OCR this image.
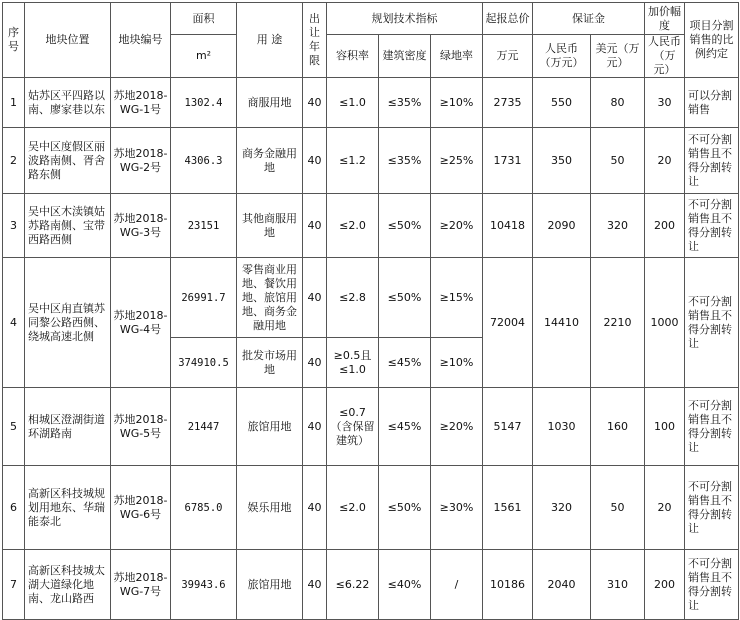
序号	地块位置	地块编号	面积	用 途	出让年限	规划技术指标			起报总价	保证金		加价幅度	项目分割销售的比例约定
			m²			容积率	建筑密度	绿地率	万元	人民币（万元）	美元（万元）	人民币（万元）	
1	姑苏区平四路以南、廖家巷以东	苏地2018-WG-1号	1302.4	商服用地	40	≤1.0	≤35%	≥10%	2735	550	80	30	可以分割销售
2	吴中区度假区丽波路南侧、胥舍路东侧	苏地2018-WG-2号	4306.3	商务金融用地	40	≤1.2	≤35%	≥25%	1731	350	50	20	不可分割销售且不得分割转让
3	吴中区木渎镇姑苏路南侧、宝带西路西侧	苏地2018-WG-3号	23151	其他商服用地	40	≤2.0	≤50%	≥20%	10418	2090	320	200	不可分割销售且不得分割转让
4	吴中区甪直镇苏同黎公路西侧、绕城高速北侧	苏地2018-WG-4号	26991.7	零售商业用地、餐饮用地、旅馆用地、商务金融用地	40	≤2.8	≤50%	≥15%	72004	14410	2210	1000	不可分割销售且不得分割转让
			374910.5	批发市场用地	40	≥0.5且≤1.0	≤45%	≥10%					
5	相城区澄湖街道环湖路南	苏地2018-WG-5号	21447	旅馆用地	40	≤0.7（含保留建筑）	≤45%	≥20%	5147	1030	160	100	不可分割销售且不得分割转让
6	高新区科技城规划用地东、华瑞能泰北	苏地2018-WG-6号	6785.0	娱乐用地	40	≤2.0	≤50%	≥30%	1561	320	50	20	不可分割销售且不得分割转让
7	高新区科技城太湖大道绿化地南、龙山路西	苏地2018-WG-7号	39943.6	旅馆用地	40	≤6.22	≤40%	/	10186	2040	310	200	不可分割销售且不得分割转让
